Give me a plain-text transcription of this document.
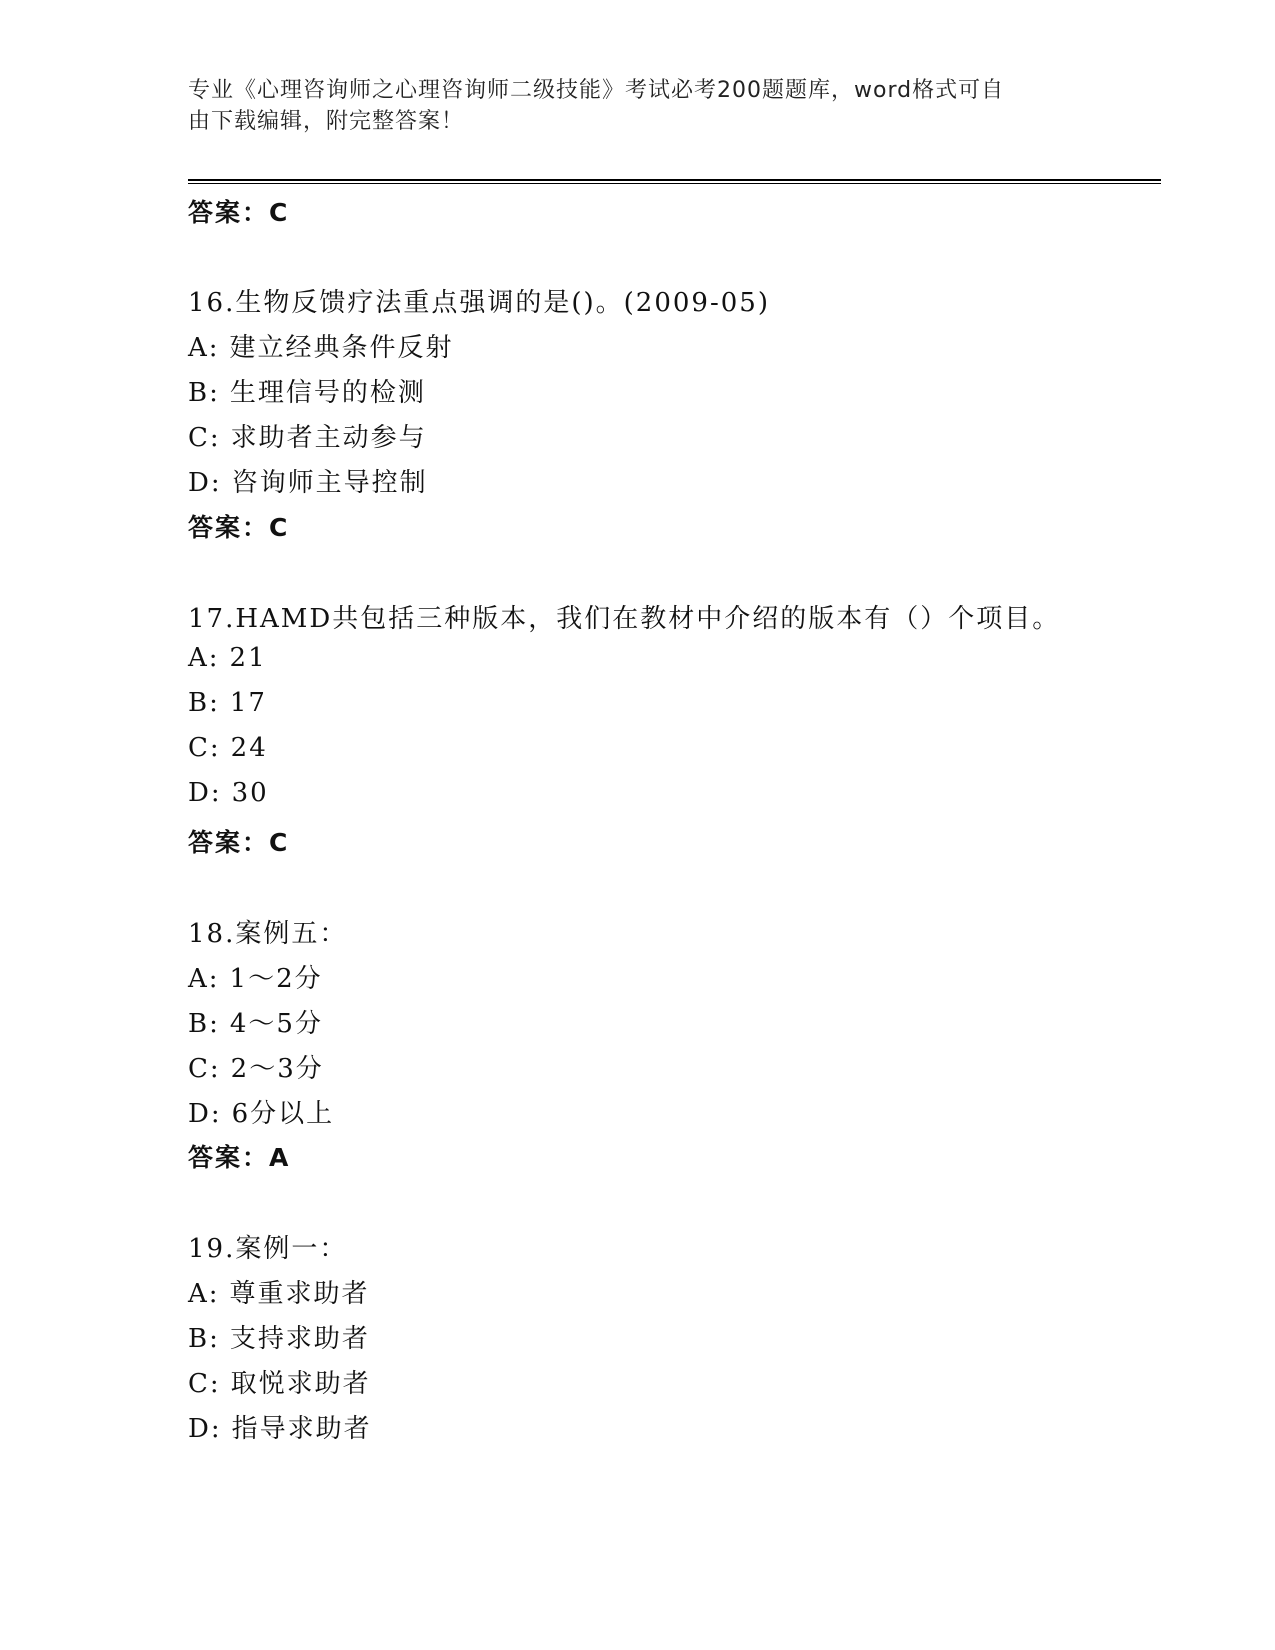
专业《心理咨询师之心理咨询师二级技能》考试必考200题题库，word格式可自
由下载编辑，附完整答案！
答案：C
16.生物反馈疗法重点强调的是()。(2009-05)
A: 建立经典条件反射
B: 生理信号的检测
C: 求助者主动参与
D: 咨询师主导控制
答案：C
17.HAMD共包括三种版本，我们在教材中介绍的版本有（）个项目。
A: 21
B: 17
C: 24
D: 30
答案：C
18.案例五：
A: 1～2分
B: 4～5分
C: 2～3分
D: 6分以上
答案：A
19.案例一：
A: 尊重求助者
B: 支持求助者
C: 取悦求助者
D: 指导求助者
